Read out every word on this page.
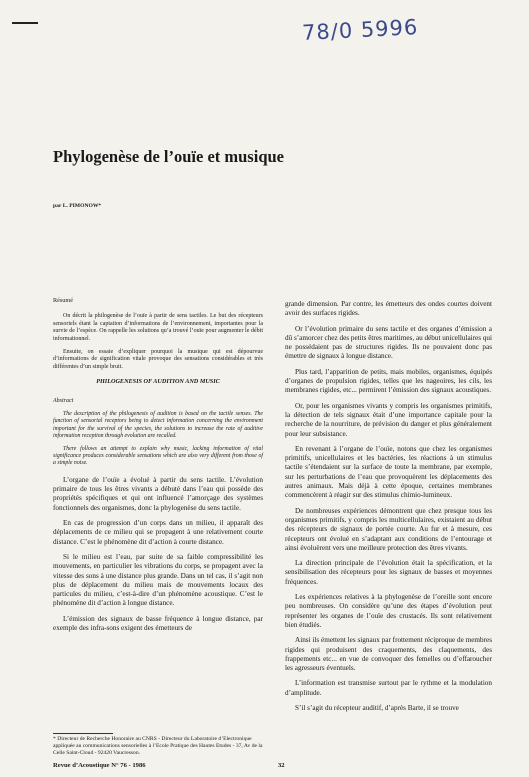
78/0 5996
Phylogenèse de l’ouïe et musique
par L. PIMONOW*

Résumé

On décrit la philogenèse de l’ouïe à partir de sens tactiles. Le but des récepteurs sensoriels étant la captation d’informations de l’environnement, importantes pour la survie de l’espèce. On rappelle les solutions qu’a trouvé l’ouïe pour augmenter le débit informationnel.

Ensuite, on essaie d’expliquer pourquoi la musique qui est dépourvue d’informations de signification vitale provoque des sensations considérables et très différentes d’un simple bruit.

PHILOGENESIS OF AUDITION AND MUSIC

Abstract

The description of the philogenesis of audition is based on the tactile senses. The function of sensorial receptors being to detect information concerning the environment important for the survival of the species, the solutions to increase the rate of auditive information reception through evolution are recalled.

There follows an attempt to explain why music, lacking information of vital significance produces considerable sensations which are also very different from those of a simple noise.

L’organe de l’ouïe a évolué à partir du sens tactile. L’évolution primaire de tous les êtres vivants a débuté dans l’eau qui possède des propriétés spécifiques et qui ont influencé l’amorçage des systèmes fonctionnels des organismes, donc la phylogenèse du sens tactile.

En cas de progression d’un corps dans un milieu, il apparaît des déplacements de ce milieu qui se propagent à une relativement courte distance. C’est le phénomène dit d’action à courte distance.

Si le milieu est l’eau, par suite de sa faible compressibilité les mouvements, en particulier les vibrations du corps, se propagent avec la vitesse des sons à une distance plus grande. Dans un tel cas, il s’agit non plus de déplacement du milieu mais de mouvements locaux des particules du milieu, c’est-à-dire d’un phénomène acoustique. C’est le phénomène dit d’action à longue distance.

L’émission des signaux de basse fréquence à longue distance, par exemple des infra-sons exigent des émetteurs de

* Directeur de Recherche Honoraire au CNRS - Directeur du Laboratoire d’Electronique appliquée au communications sensorielles à l’Ecole Pratique des Hautes Etudes - 37, Av de la Celle Saint-Cloud - 92420 Vaucresson.

grande dimension. Par contre, les émetteurs des ondes courtes doivent avoir des surfaces rigides.

Or l’évolution primaire du sens tactile et des organes d’émission a dû s’amorcer chez des petits êtres maritimes, au début unicellulaires qui ne possédaient pas de structures rigides. Ils ne pouvaient donc pas émettre de signaux à longue distance.

Plus tard, l’apparition de petits, mais mobiles, organismes, équipés d’organes de propulsion rigides, telles que les nageoires, les cils, les membranes rigides, etc... permirent l’émission des signaux acoustiques.

Or, pour les organismes vivants y compris les organismes primitifs, la détection de tels signaux était d’une importance capitale pour la recherche de la nourriture, de prévision du danger et plus généralement pour leur subsistance.

En revenant à l’organe de l’ouïe, notons que chez les organismes primitifs, unicellulaires et les bactéries, les réactions à un stimulus tactile s’étendaient sur la surface de toute la membrane, par exemple, sur les perturbations de l’eau que provoquèrent les déplacements des autres animaux. Mais déjà à cette époque, certaines membranes commencèrent à réagir sur des stimulus chimio-lumineux.

De nombreuses expériences démontrent que chez presque tous les organismes primitifs, y compris les multicellulaires, existaient au début des récepteurs de signaux de portée courte. Au fur et à mesure, ces récepteurs ont évolué en s’adaptant aux conditions de l’entourage et ainsi évoluèrent vers une meilleure protection des êtres vivants.

La direction principale de l’évolution était la spécification, et la sensibilisation des récepteurs pour les signaux de basses et moyennes fréquences.

Les expériences relatives à la phylogenèse de l’oreille sont encore peu nombreuses. On considère qu’une des étapes d’évolution peut représenter les organes de l’ouïe des crustacés. Ils sont relativement bien étudiés.

Ainsi ils émettent les signaux par frottement réciproque de membres rigides qui produisent des craquements, des claquements, des frappements etc... en vue de convoquer des femelles ou d’effaroucher les agresseurs éventuels.

L’information est transmise surtout par le rythme et la modulation d’amplitude.

S’il s’agit du récepteur auditif, d’après Barte, il se trouve

Revue d’Acoustique N° 76 - 1986	32
